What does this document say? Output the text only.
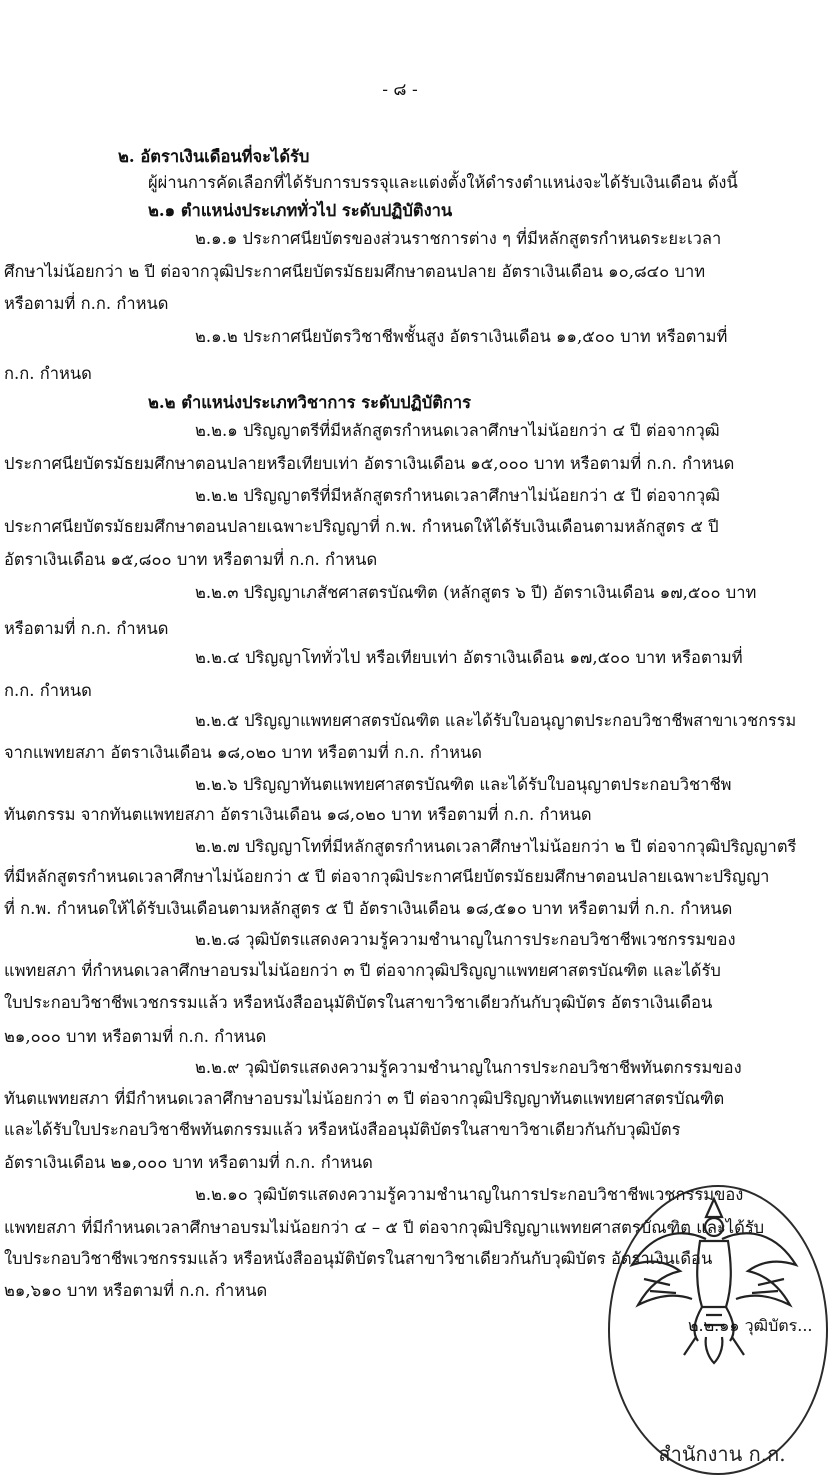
- ๘ -
๒. อัตราเงินเดือนที่จะได้รับ
ผู้ผ่านการคัดเลือกที่ได้รับการบรรจุและแต่งตั้งให้ดำรงตำแหน่งจะได้รับเงินเดือน ดังนี้
๒.๑ ตำแหน่งประเภททั่วไป ระดับปฏิบัติงาน
๒.๑.๑ ประกาศนียบัตรของส่วนราชการต่าง ๆ ที่มีหลักสูตรกำหนดระยะเวลา
ศึกษาไม่น้อยกว่า ๒ ปี ต่อจากวุฒิประกาศนียบัตรมัธยมศึกษาตอนปลาย อัตราเงินเดือน ๑๐,๘๔๐ บาท
หรือตามที่ ก.ก. กำหนด
๒.๑.๒ ประกาศนียบัตรวิชาชีพชั้นสูง อัตราเงินเดือน ๑๑,๕๐๐ บาท หรือตามที่
ก.ก. กำหนด
๒.๒ ตำแหน่งประเภทวิชาการ ระดับปฏิบัติการ
๒.๒.๑ ปริญญาตรีที่มีหลักสูตรกำหนดเวลาศึกษาไม่น้อยกว่า ๔ ปี ต่อจากวุฒิ
ประกาศนียบัตรมัธยมศึกษาตอนปลายหรือเทียบเท่า อัตราเงินเดือน ๑๕,๐๐๐ บาท หรือตามที่ ก.ก. กำหนด
๒.๒.๒ ปริญญาตรีที่มีหลักสูตรกำหนดเวลาศึกษาไม่น้อยกว่า ๕ ปี ต่อจากวุฒิ
ประกาศนียบัตรมัธยมศึกษาตอนปลายเฉพาะปริญญาที่ ก.พ. กำหนดให้ได้รับเงินเดือนตามหลักสูตร ๕ ปี
อัตราเงินเดือน ๑๕,๘๐๐ บาท หรือตามที่ ก.ก. กำหนด
๒.๒.๓ ปริญญาเภสัชศาสตรบัณฑิต (หลักสูตร ๖ ปี) อัตราเงินเดือน ๑๗,๕๐๐ บาท
หรือตามที่ ก.ก. กำหนด
๒.๒.๔ ปริญญาโททั่วไป หรือเทียบเท่า อัตราเงินเดือน ๑๗,๕๐๐ บาท หรือตามที่
ก.ก. กำหนด
๒.๒.๕ ปริญญาแพทยศาสตรบัณฑิต และได้รับใบอนุญาตประกอบวิชาชีพสาขาเวชกรรม
จากแพทยสภา อัตราเงินเดือน ๑๘,๐๒๐ บาท หรือตามที่ ก.ก. กำหนด
๒.๒.๖ ปริญญาทันตแพทยศาสตรบัณฑิต และได้รับใบอนุญาตประกอบวิชาชีพ
ทันตกรรม จากทันตแพทยสภา อัตราเงินเดือน ๑๘,๐๒๐ บาท หรือตามที่ ก.ก. กำหนด
๒.๒.๗ ปริญญาโทที่มีหลักสูตรกำหนดเวลาศึกษาไม่น้อยกว่า ๒ ปี ต่อจากวุฒิปริญญาตรี
ที่มีหลักสูตรกำหนดเวลาศึกษาไม่น้อยกว่า ๕ ปี ต่อจากวุฒิประกาศนียบัตรมัธยมศึกษาตอนปลายเฉพาะปริญญา
ที่ ก.พ. กำหนดให้ได้รับเงินเดือนตามหลักสูตร ๕ ปี อัตราเงินเดือน ๑๘,๕๑๐ บาท หรือตามที่ ก.ก. กำหนด
๒.๒.๘ วุฒิบัตรแสดงความรู้ความชำนาญในการประกอบวิชาชีพเวชกรรมของ
แพทยสภา ที่กำหนดเวลาศึกษาอบรมไม่น้อยกว่า ๓ ปี ต่อจากวุฒิปริญญาแพทยศาสตรบัณฑิต และได้รับ
ใบประกอบวิชาชีพเวชกรรมแล้ว หรือหนังสืออนุมัติบัตรในสาขาวิชาเดียวกันกับวุฒิบัตร อัตราเงินเดือน
๒๑,๐๐๐ บาท หรือตามที่ ก.ก. กำหนด
๒.๒.๙ วุฒิบัตรแสดงความรู้ความชำนาญในการประกอบวิชาชีพทันตกรรมของ
ทันตแพทยสภา ที่มีกำหนดเวลาศึกษาอบรมไม่น้อยกว่า ๓ ปี ต่อจากวุฒิปริญญาทันตแพทยศาสตรบัณฑิต
และได้รับใบประกอบวิชาชีพทันตกรรมแล้ว หรือหนังสืออนุมัติบัตรในสาขาวิชาเดียวกันกับวุฒิบัตร
อัตราเงินเดือน ๒๑,๐๐๐ บาท หรือตามที่ ก.ก. กำหนด
๒.๒.๑๐ วุฒิบัตรแสดงความรู้ความชำนาญในการประกอบวิชาชีพเวชกรรมของ
แพทยสภา ที่มีกำหนดเวลาศึกษาอบรมไม่น้อยกว่า ๔ – ๕ ปี ต่อจากวุฒิปริญญาแพทยศาสตรบัณฑิต และได้รับ
ใบประกอบวิชาชีพเวชกรรมแล้ว หรือหนังสืออนุมัติบัตรในสาขาวิชาเดียวกันกับวุฒิบัตร อัตราเงินเดือน
๒๑,๖๑๐ บาท หรือตามที่ ก.ก. กำหนด
สำนักงาน ก.ก.
๒.๒.๑๑ วุฒิบัตร...
